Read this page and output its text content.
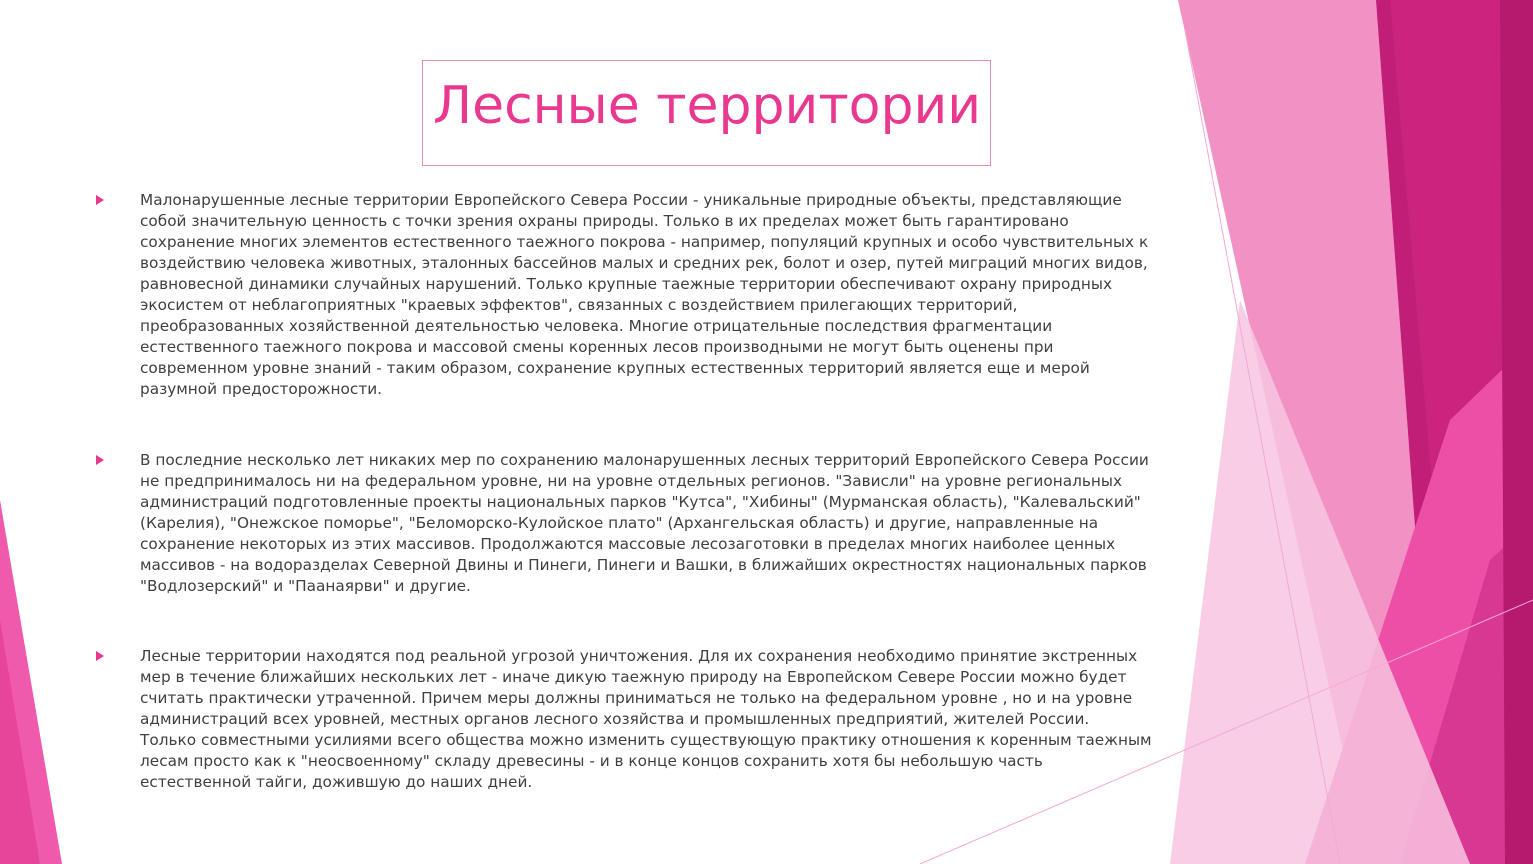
Лесные территории
Малонарушенные лесные территории Европейского Севера России - уникальные природные объекты, представляющие
собой значительную ценность с точки зрения охраны природы. Только в их пределах может быть гарантировано
сохранение многих элементов естественного таежного покрова - например, популяций крупных и особо чувствительных к
воздействию человека животных, эталонных бассейнов малых и средних рек, болот и озер, путей миграций многих видов,
равновесной динамики случайных нарушений. Только крупные таежные территории обеспечивают охрану природных
экосистем от неблагоприятных "краевых эффектов", связанных с воздействием прилегающих территорий,
преобразованных хозяйственной деятельностью человека. Многие отрицательные последствия фрагментации
естественного таежного покрова и массовой смены коренных лесов производными не могут быть оценены при
современном уровне знаний - таким образом, сохранение крупных естественных территорий является еще и мерой
разумной предосторожности.
В последние несколько лет никаких мер по сохранению малонарушенных лесных территорий Европейского Севера России
не предпринималось ни на федеральном уровне, ни на уровне отдельных регионов. "Зависли" на уровне региональных
администраций подготовленные проекты национальных парков "Кутса", "Хибины" (Мурманская область), "Калевальский"
(Карелия), "Онежское поморье", "Беломорско-Кулойское плато" (Архангельская область) и другие, направленные на
сохранение некоторых из этих массивов. Продолжаются массовые лесозаготовки в пределах многих наиболее ценных
массивов - на водоразделах Северной Двины и Пинеги, Пинеги и Вашки, в ближайших окрестностях национальных парков
"Водлозерский" и "Паанаярви" и другие.
Лесные территории находятся под реальной угрозой уничтожения. Для их сохранения необходимо принятие экстренных
мер в течение ближайших нескольких лет - иначе дикую таежную природу на Европейском Севере России можно будет
считать практически утраченной. Причем меры должны приниматься не только на федеральном уровне , но и на уровне
администраций всех уровней, местных органов лесного хозяйства и промышленных предприятий, жителей России.
Только совместными усилиями всего общества можно изменить существующую практику отношения к коренным таежным
лесам просто как к "неосвоенному" складу древесины - и в конце концов сохранить хотя бы небольшую часть
естественной тайги, дожившую до наших дней.
